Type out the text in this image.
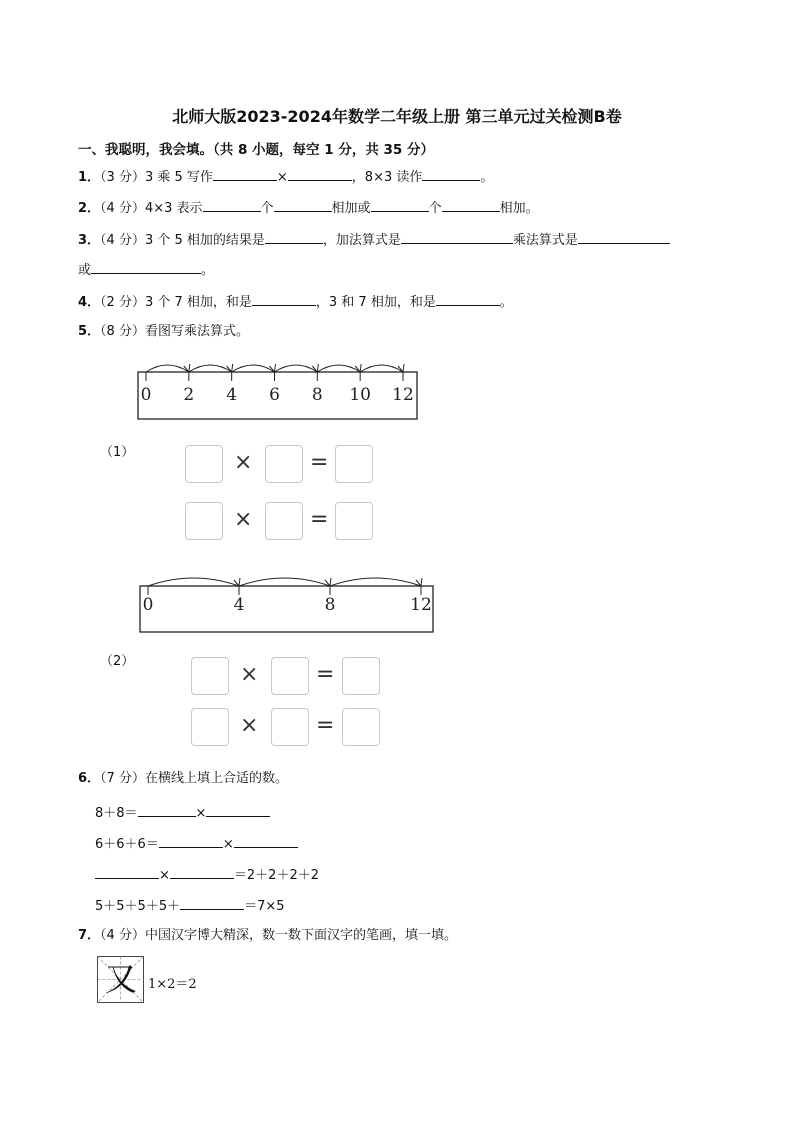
北师大版2023-2024年数学二年级上册 第三单元过关检测B卷
一、我聪明，我会填。（共 8 小题，每空 1 分，共 35 分）
1．（3 分）3 乘 5 写作	×	，8×3 读作	。
2．（4 分）4×3 表示	个	相加或	个	相加。
3．（4 分）3 个 5 相加的结果是	，加法算式是	乘法算式是
或	。
4．（2 分）3 个 7 相加，和是	，3 和 7 相加，和是	。
5．（8 分）看图写乘法算式。
0 2 4 6 8 10 12
（1）	×	=
×	=
0	4	8	12
（2）
×	=
×	=
6．（7 分）在横线上填上合适的数。
8＋8＝	×
6＋6＋6＝	×
×	＝2＋2＋2＋2
5＋5＋5＋5＋	＝7×5
7．（4 分）中国汉字博大精深，数一数下面汉字的笔画，填一填。
又 1×2＝2
